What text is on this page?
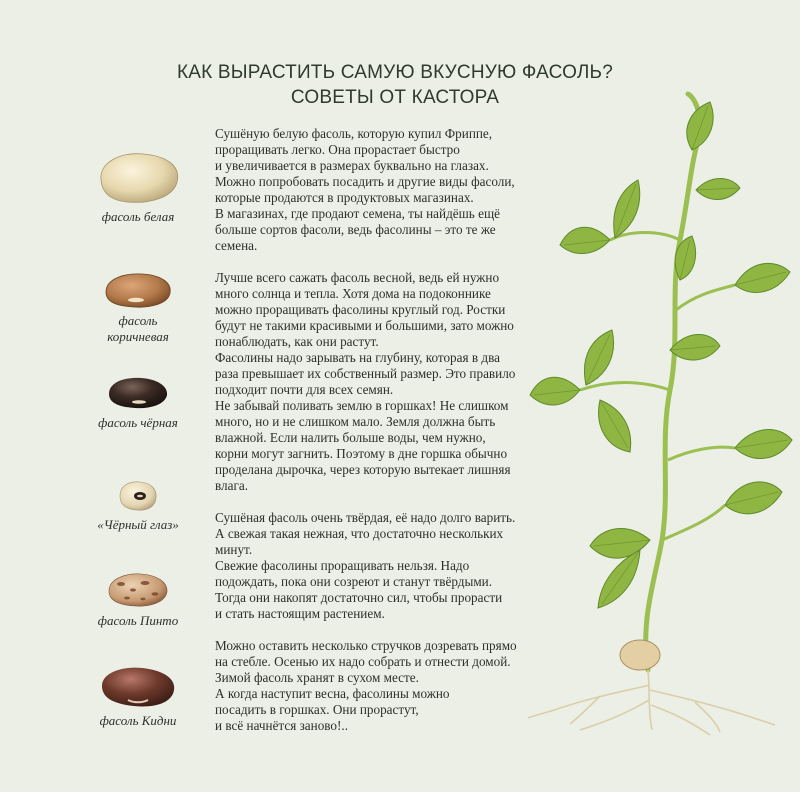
КАК ВЫРАСТИТЬ САМУЮ ВКУСНУЮ ФАСОЛЬ?
СОВЕТЫ ОТ КАСТОРА
фасоль белая
фасоль
коричневая
фасоль чёрная
«Чёрный глаз»
фасоль Пинто
фасоль Кидни

Сушёную белую фасоль, которую купил Фриппе,
проращивать легко. Она прорастает быстро
и увеличивается в размерах буквально на глазах.
Можно попробовать посадить и другие виды фасоли,
которые продаются в продуктовых магазинах.
В магазинах, где продают семена, ты найдёшь ещё
больше сортов фасоли, ведь фасолины – это те же
семена.

Лучше всего сажать фасоль весной, ведь ей нужно
много солнца и тепла. Хотя дома на подоконнике
можно проращивать фасолины круглый год. Ростки
будут не такими красивыми и большими, зато можно
понаблюдать, как они растут.
Фасолины надо зарывать на глубину, которая в два
раза превышает их собственный размер. Это правило
подходит почти для всех семян.
Не забывай поливать землю в горшках! Не слишком
много, но и не слишком мало. Земля должна быть
влажной. Если налить больше воды, чем нужно,
корни могут загнить. Поэтому в дне горшка обычно
проделана дырочка, через которую вытекает лишняя
влага.

Сушёная фасоль очень твёрдая, её надо долго варить.
А свежая такая нежная, что достаточно нескольких
минут.
Свежие фасолины проращивать нельзя. Надо
подождать, пока они созреют и станут твёрдыми.
Тогда они накопят достаточно сил, чтобы прорасти
и стать настоящим растением.

Можно оставить несколько стручков дозревать прямо
на стебле. Осенью их надо собрать и отнести домой.
Зимой фасоль хранят в сухом месте.
А когда наступит весна, фасолины можно
посадить в горшках. Они прорастут,
и всё начнётся заново!..
